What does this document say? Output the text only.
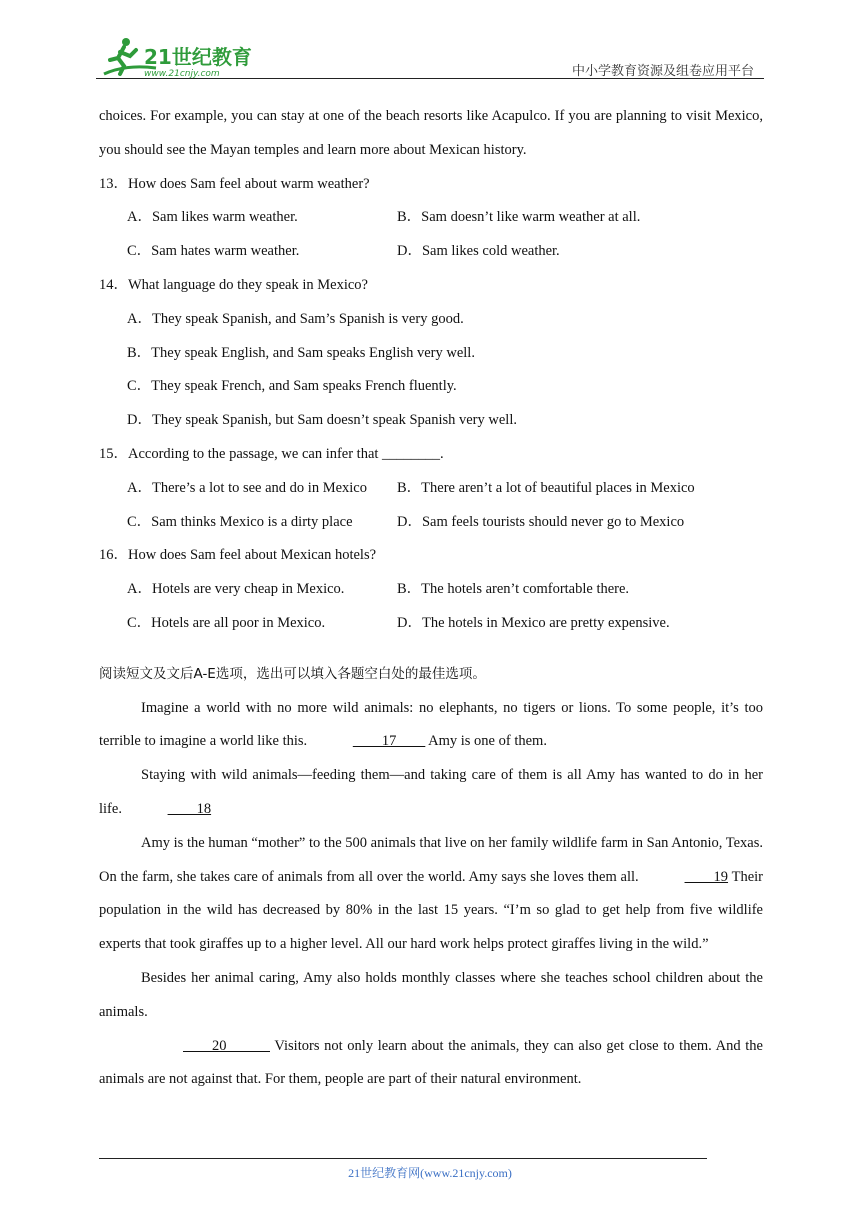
21世纪教育
www.21cnjy.com	中小学教育资源及组卷应用平台
choices. For example, you can stay at one of the beach resorts like Acapulco. If you are planning to visit Mexico, you should see the Mayan temples and learn more about Mexican history.
13．How does Sam feel about warm weather?
A．Sam likes warm weather.	B．Sam doesn’t like warm weather at all.
C．Sam hates warm weather.	D．Sam likes cold weather.
14．What language do they speak in Mexico?
A．They speak Spanish, and Sam’s Spanish is very good.
B．They speak English, and Sam speaks English very well.
C．They speak French, and Sam speaks French fluently.
D．They speak Spanish, but Sam doesn’t speak Spanish very well.
15．According to the passage, we can infer that ________.
A．There’s a lot to see and do in Mexico	B．There aren’t a lot of beautiful places in Mexico
C．Sam thinks Mexico is a dirty place	D．Sam feels tourists should never go to Mexico
16．How does Sam feel about Mexican hotels?
A．Hotels are very cheap in Mexico.	B．The hotels aren’t comfortable there.
C．Hotels are all poor in Mexico.	D．The hotels in Mexico are pretty expensive.
阅读短文及文后A-E选项，选出可以填入各题空白处的最佳选项。
Imagine a world with no more wild animals: no elephants, no tigers or lions. To some people, it’s too terrible to imagine a world like this.	    17     Amy is one of them.
Staying with wild animals—feeding them—and taking care of them is all Amy has wanted to do in her life.	    18
Amy is the human “mother” to the 500 animals that live on her family wildlife farm in San Antonio, Texas. On the farm, she takes care of animals from all over the world. Amy says she loves them all.	    19 Their population in the wild has decreased by 80% in the last 15 years. “I’m so glad to get help from five wildlife experts that took giraffes up to a higher level. All our hard work helps protect giraffes living in the wild.”
Besides her animal caring, Amy also holds monthly classes where she teaches school children about the animals.
    20       Visitors not only learn about the animals, they can also get close to them. And the animals are not against that. For them, people are part of their natural environment.
21世纪教育网(www.21cnjy.com)
